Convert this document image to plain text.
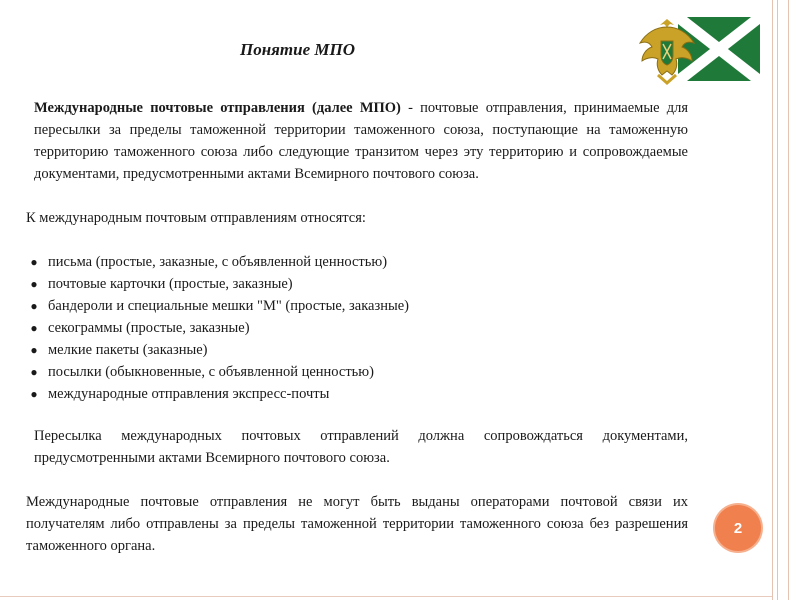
Понятие МПО

Международные почтовые отправления (далее МПО) - почтовые отправления, принимаемые для пересылки за пределы таможенной территории таможенного союза, поступающие на таможенную территорию таможенного союза либо следующие транзитом через эту территорию и сопровождаемые документами, предусмотренными актами Всемирного почтового союза.

К международным почтовым отправлениям относятся:

● письма (простые, заказные, с объявленной ценностью)
● почтовые карточки (простые, заказные)
● бандероли и специальные мешки "М" (простые, заказные)
● секограммы (простые, заказные)
● мелкие пакеты (заказные)
● посылки (обыкновенные, с объявленной ценностью)
● международные отправления экспресс-почты

Пересылка международных почтовых отправлений должна сопровождаться документами, предусмотренными актами Всемирного почтового союза.

Международные почтовые отправления не могут быть выданы операторами почтовой связи их получателям либо отправлены за пределы таможенной территории таможенного союза без разрешения таможенного органа.

2
